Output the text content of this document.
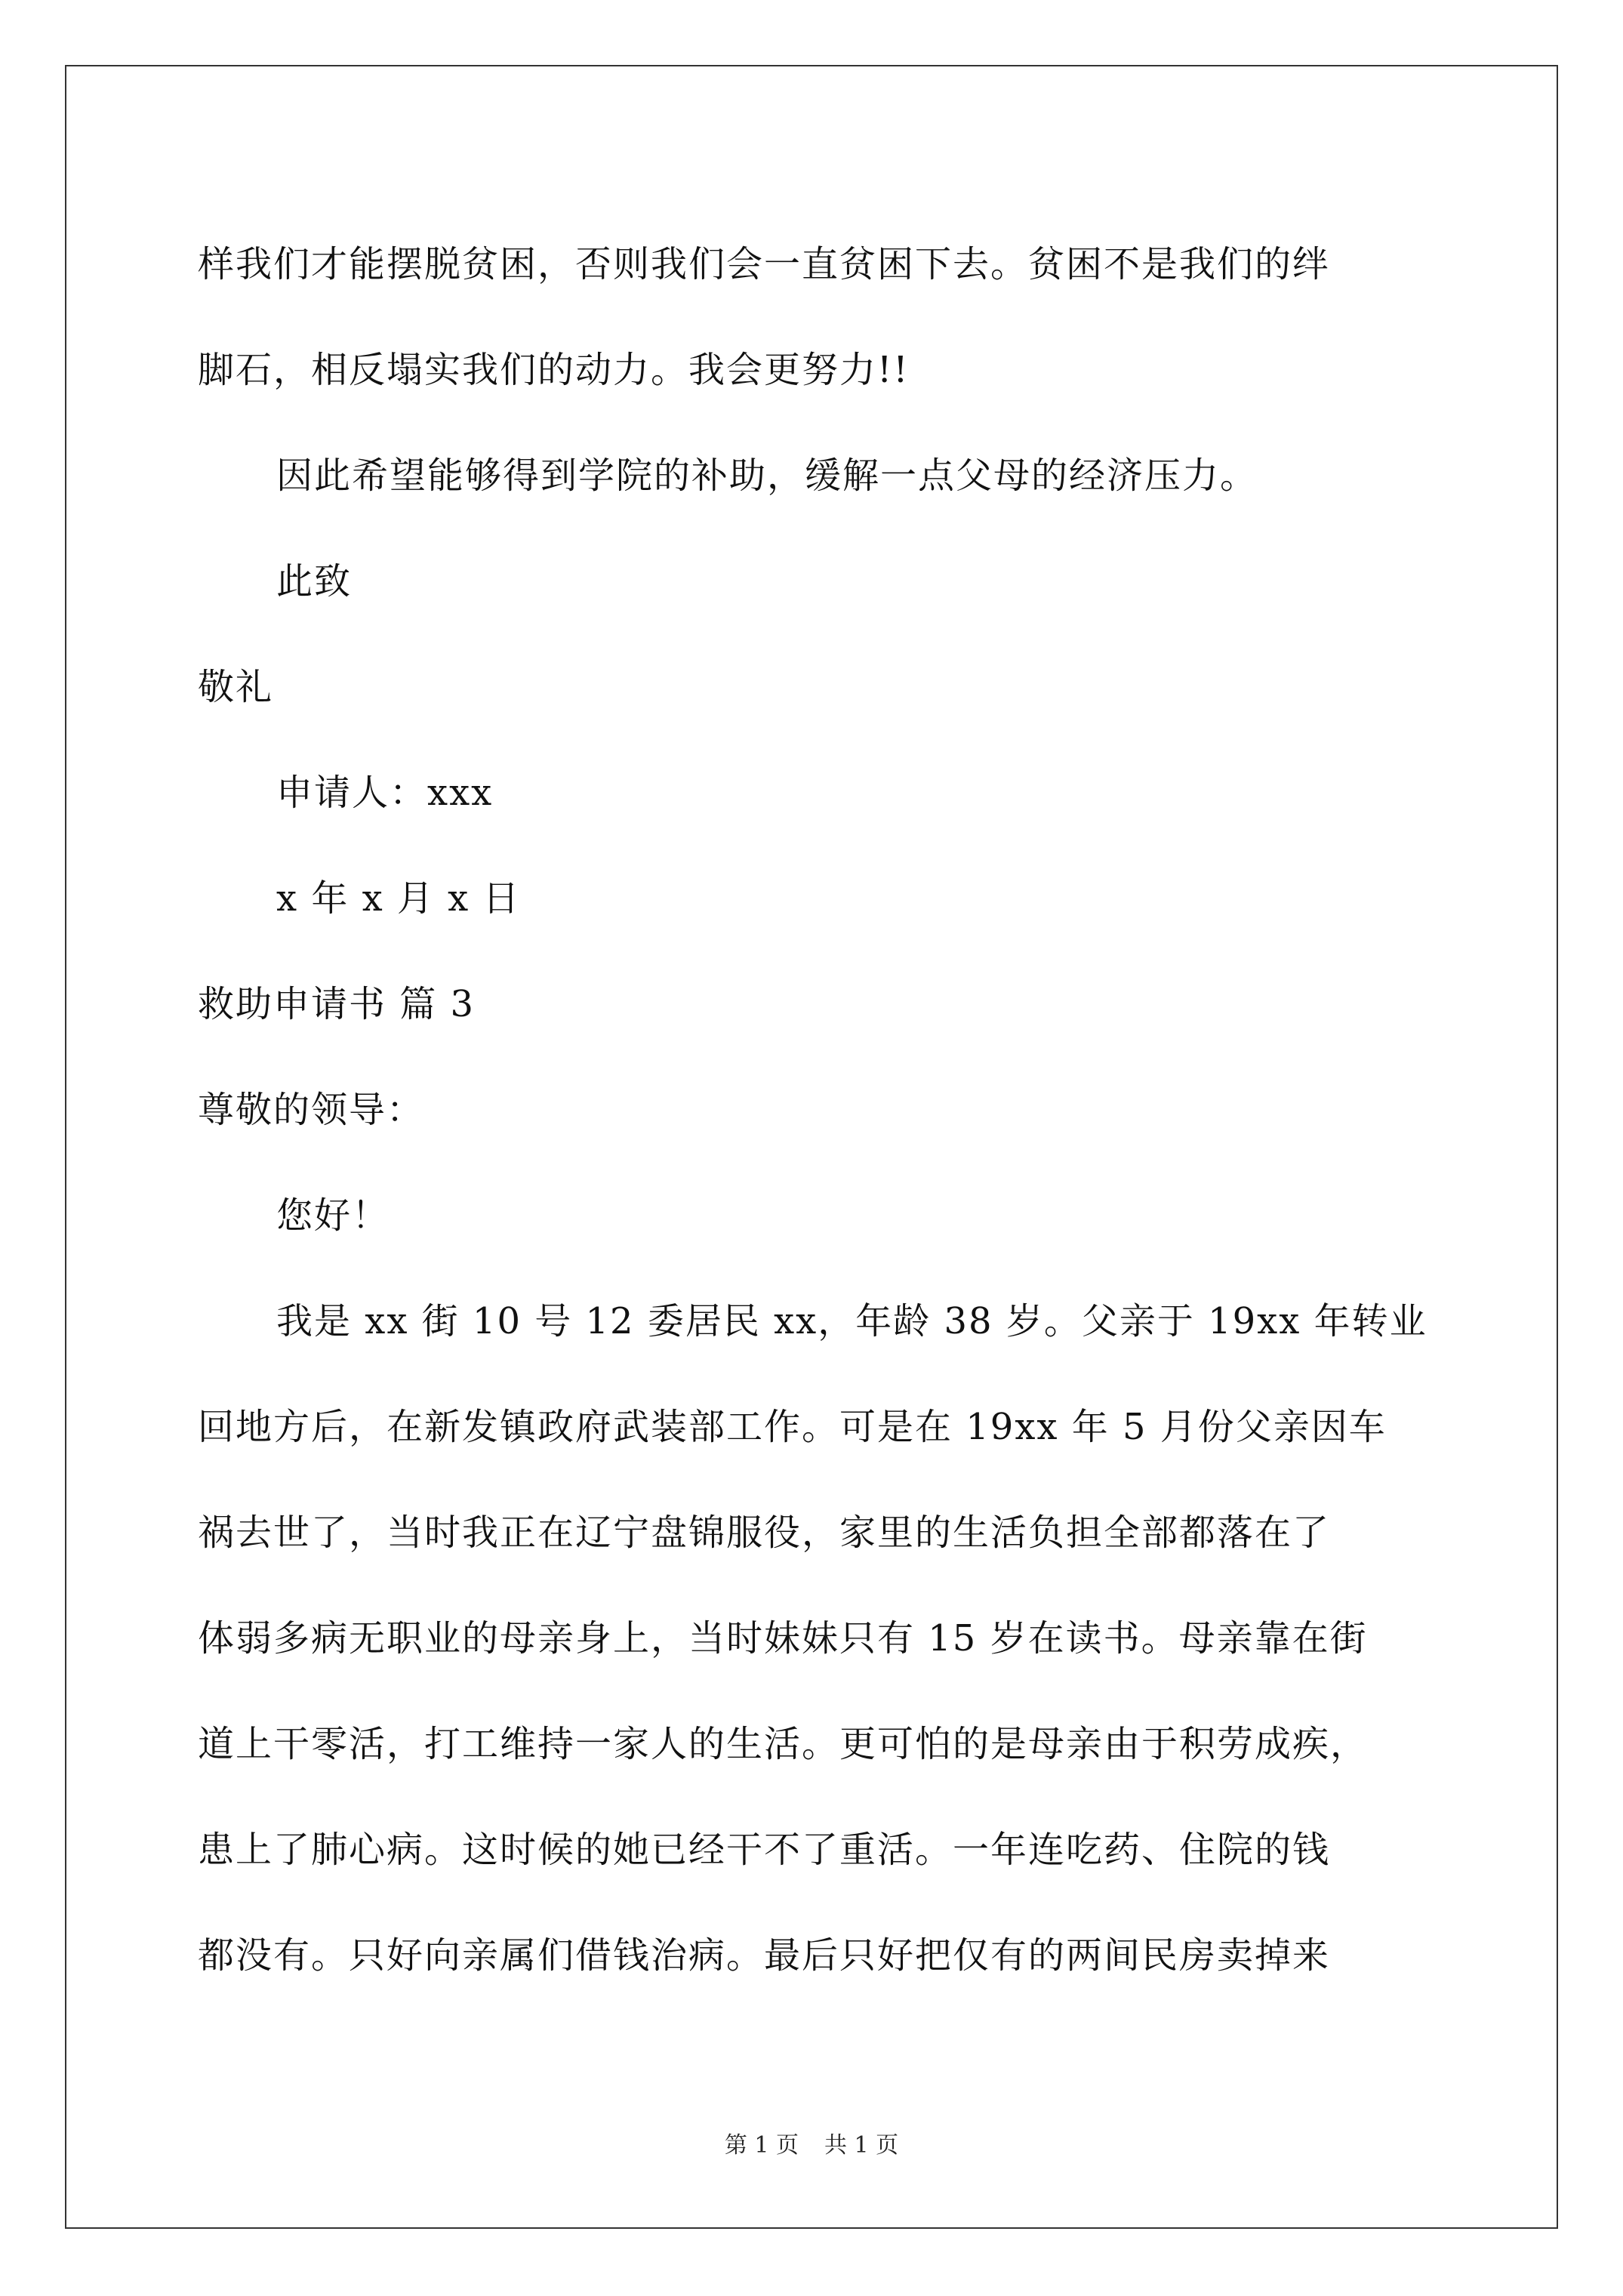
样我们才能摆脱贫困，否则我们会一直贫困下去。贫困不是我们的绊
脚石，相反塌实我们的动力。我会更努力!!
因此希望能够得到学院的补助，缓解一点父母的经济压力。
此致
敬礼
申请人：xxx
x 年 x 月 x 日
救助申请书 篇 3
尊敬的领导：
您好！
我是 xx 街 10 号 12 委居民 xx，年龄 38 岁。父亲于 19xx 年转业
回地方后，在新发镇政府武装部工作。可是在 19xx 年 5 月份父亲因车
祸去世了，当时我正在辽宁盘锦服役，家里的生活负担全部都落在了
体弱多病无职业的母亲身上，当时妹妹只有 15 岁在读书。母亲靠在街
道上干零活，打工维持一家人的生活。更可怕的是母亲由于积劳成疾，
患上了肺心病。这时候的她已经干不了重活。一年连吃药、住院的钱
都没有。只好向亲属们借钱治病。最后只好把仅有的两间民房卖掉来
第 1 页 共 1 页
